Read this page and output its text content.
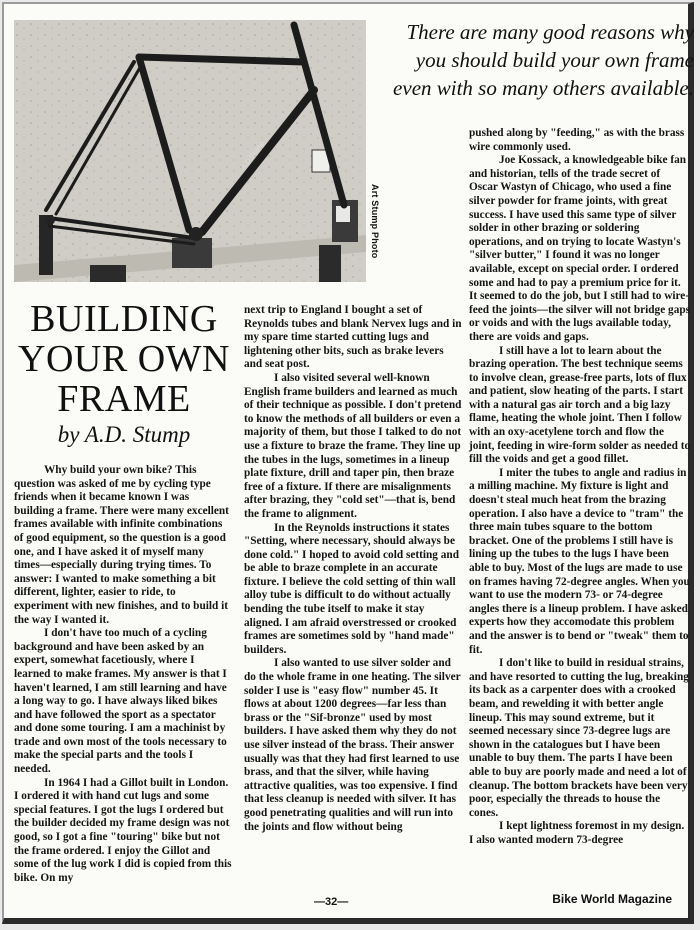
A.D.Stump
Art Stump Photo
There are many good reasons why you should build your own frame even with so many others available.
BUILDING
YOUR OWN
FRAME
by A.D. Stump

Why build your own bike? This question was asked of me by cycling type friends when it became known I was building a frame. There were many excellent frames available with infinite combinations of good equipment, so the question is a good one, and I have asked it of myself many times—especially during trying times. To answer: I wanted to make something a bit different, lighter, easier to ride, to experiment with new finishes, and to build it the way I wanted it.

I don't have too much of a cycling background and have been asked by an expert, somewhat facetiously, where I learned to make frames. My answer is that I haven't learned, I am still learning and have a long way to go. I have always liked bikes and have followed the sport as a spectator and done some touring. I am a machinist by trade and own most of the tools necessary to make the special parts and the tools I needed.

In 1964 I had a Gillot built in London. I ordered it with hand cut lugs and some special features. I got the lugs I ordered but the builder decided my frame design was not good, so I got a fine "touring" bike but not the frame ordered. I enjoy the Gillot and some of the lug work I did is copied from this bike. On my

next trip to England I bought a set of Reynolds tubes and blank Nervex lugs and in my spare time started cutting lugs and lightening other bits, such as brake levers and seat post.

I also visited several well-known English frame builders and learned as much of their technique as possible. I don't pretend to know the methods of all builders or even a majority of them, but those I talked to do not use a fixture to braze the frame. They line up the tubes in the lugs, sometimes in a lineup plate fixture, drill and taper pin, then braze free of a fixture. If there are misalignments after brazing, they "cold set"—that is, bend the frame to alignment.

In the Reynolds instructions it states "Setting, where necessary, should always be done cold." I hoped to avoid cold setting and be able to braze complete in an accurate fixture. I believe the cold setting of thin wall alloy tube is difficult to do without actually bending the tube itself to make it stay aligned. I am afraid overstressed or crooked frames are sometimes sold by "hand made" builders.

I also wanted to use silver solder and do the whole frame in one heating. The silver solder I use is "easy flow" number 45. It flows at about 1200 degrees—far less than brass or the "Sif-bronze" used by most builders. I have asked them why they do not use silver instead of the brass. Their answer usually was that they had first learned to use brass, and that the silver, while having attractive qualities, was too expensive. I find that less cleanup is needed with silver. It has good penetrating qualities and will run into the joints and flow without being

pushed along by "feeding," as with the brass wire commonly used.

Joe Kossack, a knowledgeable bike fan and historian, tells of the trade secret of Oscar Wastyn of Chicago, who used a fine silver powder for frame joints, with great success. I have used this same type of silver solder in other brazing or soldering operations, and on trying to locate Wastyn's "silver butter," I found it was no longer available, except on special order. I ordered some and had to pay a premium price for it. It seemed to do the job, but I still had to wire-feed the joints—the silver will not bridge gaps or voids and with the lugs available today, there are voids and gaps.

I still have a lot to learn about the brazing operation. The best technique seems to involve clean, grease-free parts, lots of flux and patient, slow heating of the parts. I start with a natural gas air torch and a big lazy flame, heating the whole joint. Then I follow with an oxy-acetylene torch and flow the joint, feeding in wire-form solder as needed to fill the voids and get a good fillet.

I miter the tubes to angle and radius in a milling machine. My fixture is light and doesn't steal much heat from the brazing operation. I also have a device to "tram" the three main tubes square to the bottom bracket. One of the problems I still have is lining up the tubes to the lugs I have been able to buy. Most of the lugs are made to use on frames having 72-degree angles. When you want to use the modern 73- or 74-degree angles there is a lineup problem. I have asked experts how they accomodate this problem and the answer is to bend or "tweak" them to fit.

I don't like to build in residual strains, and have resorted to cutting the lug, breaking its back as a carpenter does with a crooked beam, and rewelding it with better angle lineup. This may sound extreme, but it seemed necessary since 73-degree lugs are shown in the catalogues but I have been unable to buy them. The parts I have been able to buy are poorly made and need a lot of cleanup. The bottom brackets have been very poor, especially the threads to house the cones.

I kept lightness foremost in my design. I also wanted modern 73-degree

—32—	Bike World Magazine
